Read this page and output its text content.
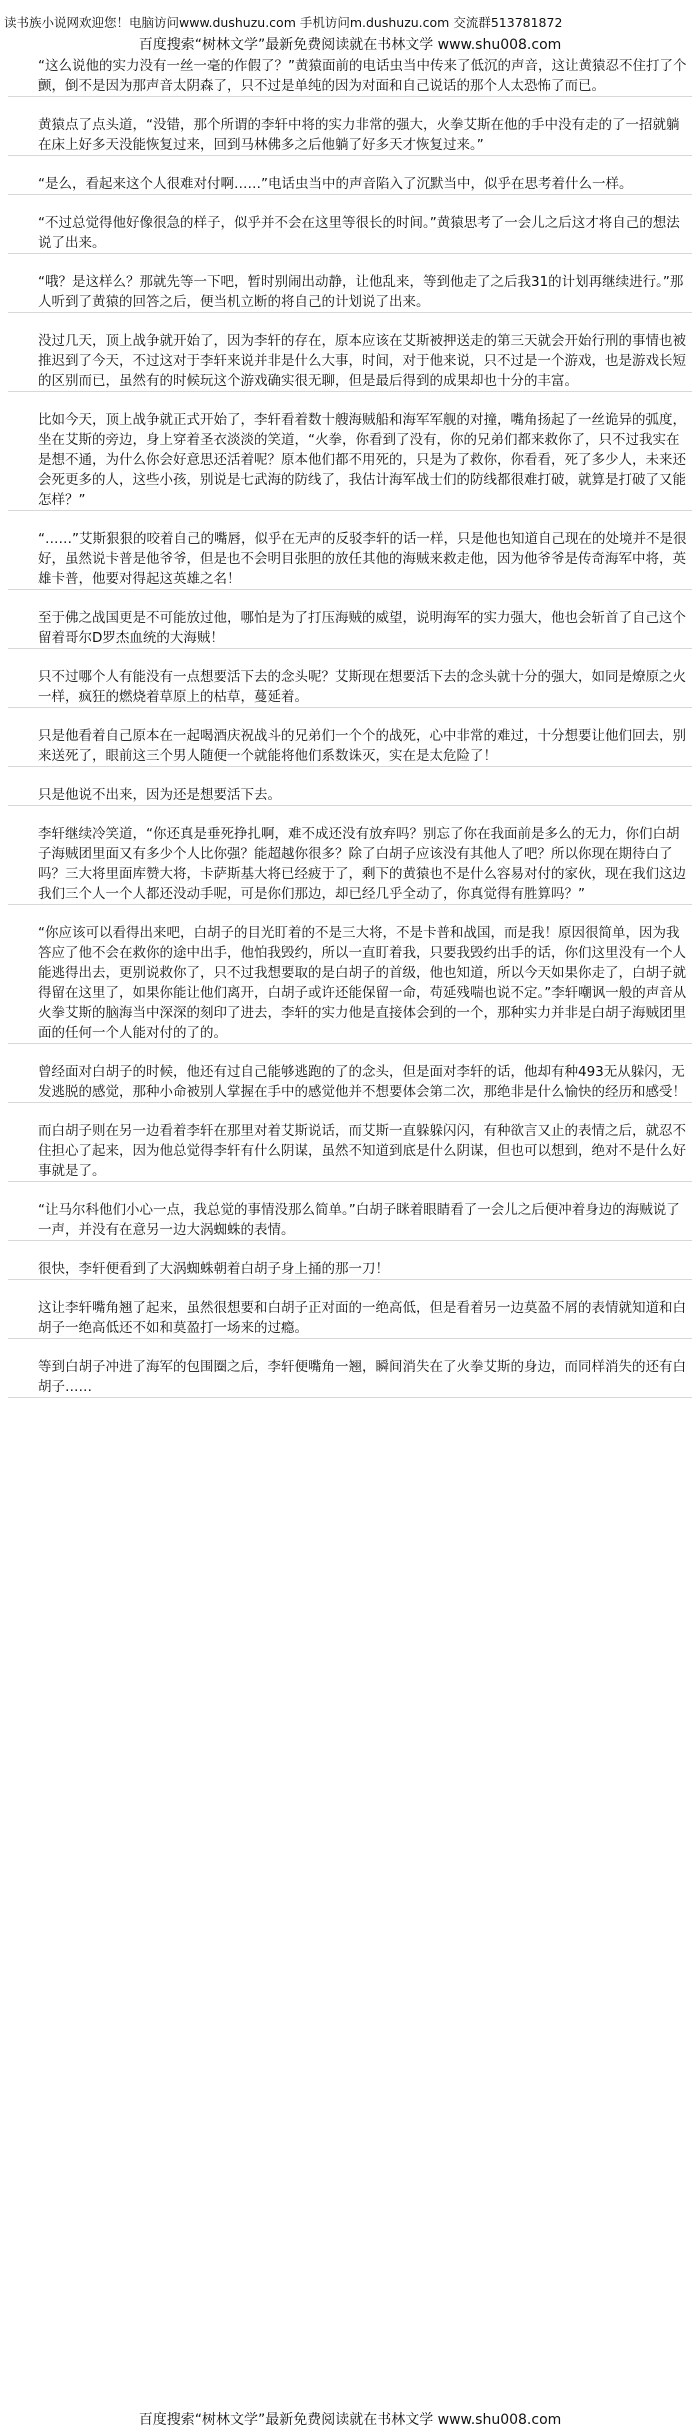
读书族小说网欢迎您！电脑访问www.dushuzu.com 手机访问m.dushuzu.com 交流群513781872
百度搜索“树林文学”最新免费阅读就在书林文学 www.shu008.com

“这么说他的实力没有一丝一毫的作假了？”黄猿面前的电话虫当中传来了低沉的声音，这让黄猿忍不住打了个颤，倒不是因为那声音太阴森了，只不过是单纯的因为对面和自己说话的那个人太恐怖了而已。

黄猿点了点头道，“没错，那个所谓的李轩中将的实力非常的强大，火拳艾斯在他的手中没有走的了一招就躺在床上好多天没能恢复过来，回到马林佛多之后他躺了好多天才恢复过来。”

“是么，看起来这个人很难对付啊……”电话虫当中的声音陷入了沉默当中，似乎在思考着什么一样。

“不过总觉得他好像很急的样子，似乎并不会在这里等很长的时间。”黄猿思考了一会儿之后这才将自己的想法说了出来。

“哦？是这样么？那就先等一下吧，暂时别闹出动静，让他乱来，等到他走了之后我31的计划再继续进行。”那人听到了黄猿的回答之后，便当机立断的将自己的计划说了出来。

没过几天，顶上战争就开始了，因为李轩的存在，原本应该在艾斯被押送走的第三天就会开始行刑的事情也被推迟到了今天，不过这对于李轩来说并非是什么大事，时间，对于他来说，只不过是一个游戏，也是游戏长短的区别而已，虽然有的时候玩这个游戏确实很无聊，但是最后得到的成果却也十分的丰富。

比如今天，顶上战争就正式开始了，李轩看着数十艘海贼船和海军军舰的对撞，嘴角扬起了一丝诡异的弧度，坐在艾斯的旁边，身上穿着圣衣淡淡的笑道，“火拳，你看到了没有，你的兄弟们都来救你了，只不过我实在是想不通，为什么你会好意思还活着呢？原本他们都不用死的，只是为了救你，你看看，死了多少人，未来还会死更多的人，这些小孩，别说是七武海的防线了，我估计海军战士们的防线都很难打破，就算是打破了又能怎样？”

“……”艾斯狠狠的咬着自己的嘴唇，似乎在无声的反驳李轩的话一样，只是他也知道自己现在的处境并不是很好，虽然说卡普是他爷爷，但是也不会明目张胆的放任其他的海贼来救走他，因为他爷爷是传奇海军中将，英雄卡普，他要对得起这英雄之名！

至于佛之战国更是不可能放过他，哪怕是为了打压海贼的威望，说明海军的实力强大，他也会斩首了自己这个留着哥尔D罗杰血统的大海贼！

只不过哪个人有能没有一点想要活下去的念头呢？艾斯现在想要活下去的念头就十分的强大，如同是燎原之火一样，疯狂的燃烧着草原上的枯草，蔓延着。

只是他看着自己原本在一起喝酒庆祝战斗的兄弟们一个个的战死，心中非常的难过，十分想要让他们回去，别来送死了，眼前这三个男人随便一个就能将他们系数诛灭，实在是太危险了！

只是他说不出来，因为还是想要活下去。

李轩继续冷笑道，“你还真是垂死挣扎啊，难不成还没有放弃吗？别忘了你在我面前是多么的无力，你们白胡子海贼团里面又有多少个人比你强？能超越你很多？除了白胡子应该没有其他人了吧？所以你现在期待白了吗？三大将里面库赞大将，卡萨斯基大将已经疲于了，剩下的黄猿也不是什么容易对付的家伙，现在我们这边我们三个人一个人都还没动手呢，可是你们那边，却已经几乎全动了，你真觉得有胜算吗？”

“你应该可以看得出来吧，白胡子的目光盯着的不是三大将，不是卡普和战国，而是我！原因很简单，因为我答应了他不会在救你的途中出手，他怕我毁约，所以一直盯着我，只要我毁约出手的话，你们这里没有一个人能逃得出去，更别说救你了，只不过我想要取的是白胡子的首级，他也知道，所以今天如果你走了，白胡子就得留在这里了，如果你能让他们离开，白胡子或许还能保留一命，苟延残喘也说不定。”李轩嘲讽一般的声音从火拳艾斯的脑海当中深深的刻印了进去，李轩的实力他是直接体会到的一个，那种实力并非是白胡子海贼团里面的任何一个人能对付的了的。

曾经面对白胡子的时候，他还有过自己能够逃跑的了的念头，但是面对李轩的话，他却有种493无从躲闪，无发逃脱的感觉，那种小命被别人掌握在手中的感觉他并不想要体会第二次，那绝非是什么愉快的经历和感受！

而白胡子则在另一边看着李轩在那里对着艾斯说话，而艾斯一直躲躲闪闪，有种欲言又止的表情之后，就忍不住担心了起来，因为他总觉得李轩有什么阴谋，虽然不知道到底是什么阴谋，但也可以想到，绝对不是什么好事就是了。

“让马尔科他们小心一点，我总觉的事情没那么简单。”白胡子眯着眼睛看了一会儿之后便冲着身边的海贼说了一声，并没有在意另一边大涡蜘蛛的表情。

很快，李轩便看到了大涡蜘蛛朝着白胡子身上捅的那一刀！

这让李轩嘴角翘了起来，虽然很想要和白胡子正对面的一绝高低，但是看着另一边莫盈不屑的表情就知道和白胡子一绝高低还不如和莫盈打一场来的过瘾。

等到白胡子冲进了海军的包围圈之后，李轩便嘴角一翘，瞬间消失在了火拳艾斯的身边，而同样消失的还有白胡子……

百度搜索“树林文学”最新免费阅读就在书林文学 www.shu008.com
